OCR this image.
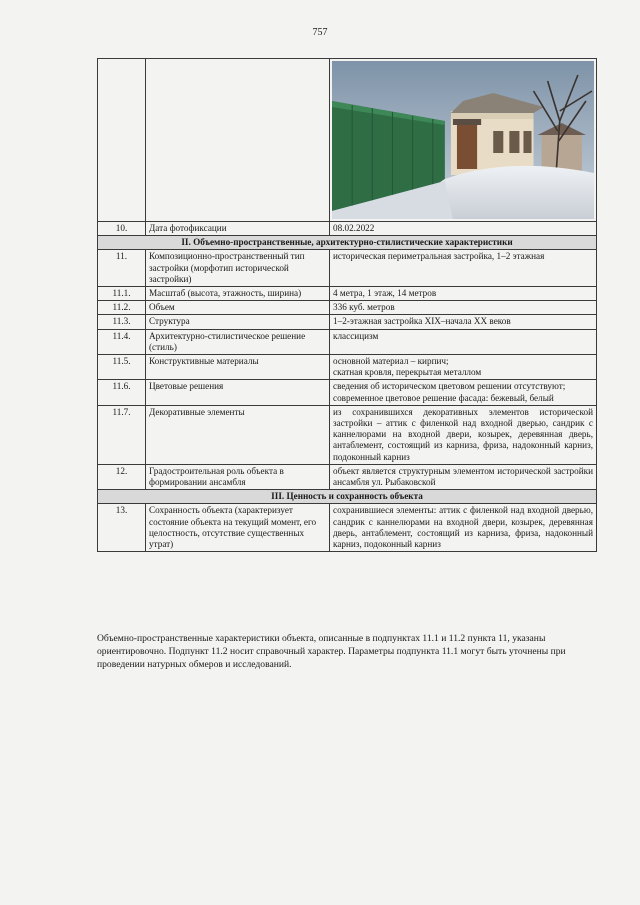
757

10.	Дата фотофиксации	08.02.2022
II. Объемно-пространственные, архитектурно-стилистические характеристики		
11.	Композиционно-пространственный тип застройки (морфотип исторической застройки)	историческая периметральная застройка, 1–2 этажная
11.1.	Масштаб (высота, этажность, ширина)	4 метра, 1 этаж, 14 метров
11.2.	Объем	336 куб. метров
11.3.	Структура	1–2-этажная застройка XIX–начала XX веков
11.4.	Архитектурно-стилистическое решение (стиль)	классицизм
11.5.	Конструктивные материалы	основной материал – кирпич;
скатная кровля, перекрытая металлом

11.6.	Цветовые решения	сведения об историческом цветовом решении отсутствуют;
современное цветовое решение фасада: бежевый, белый

11.7.	Декоративные элементы	из сохранившихся декоративных элементов исторической застройки – аттик с филенкой над входной дверью, сандрик с каннелюрами на входной двери, козырек, деревянная дверь, антаблемент, состоящий из карниза, фриза, надоконный карниз, подоконный карниз
12.	Градостроительная роль объекта в формировании ансамбля	объект является структурным элементом исторической застройки ансамбля ул. Рыбаковской
III. Ценность и сохранность объекта		
13.	Сохранность объекта (характеризует состояние объекта на текущий момент, его целостность, отсутствие существенных утрат)	сохранившиеся элементы: аттик с филенкой над входной дверью, сандрик с каннелюрами на входной двери, козырек, деревянная дверь, антаблемент, состоящий из карниза, фриза, надоконный карниз, подоконный карниз
Объемно-пространственные характеристики объекта, описанные в подпунктах 11.1 и 11.2 пункта 11, указаны ориентировочно. Подпункт 11.2 носит справочный характер. Параметры подпункта 11.1 могут быть уточнены при проведении натурных обмеров и исследований.
